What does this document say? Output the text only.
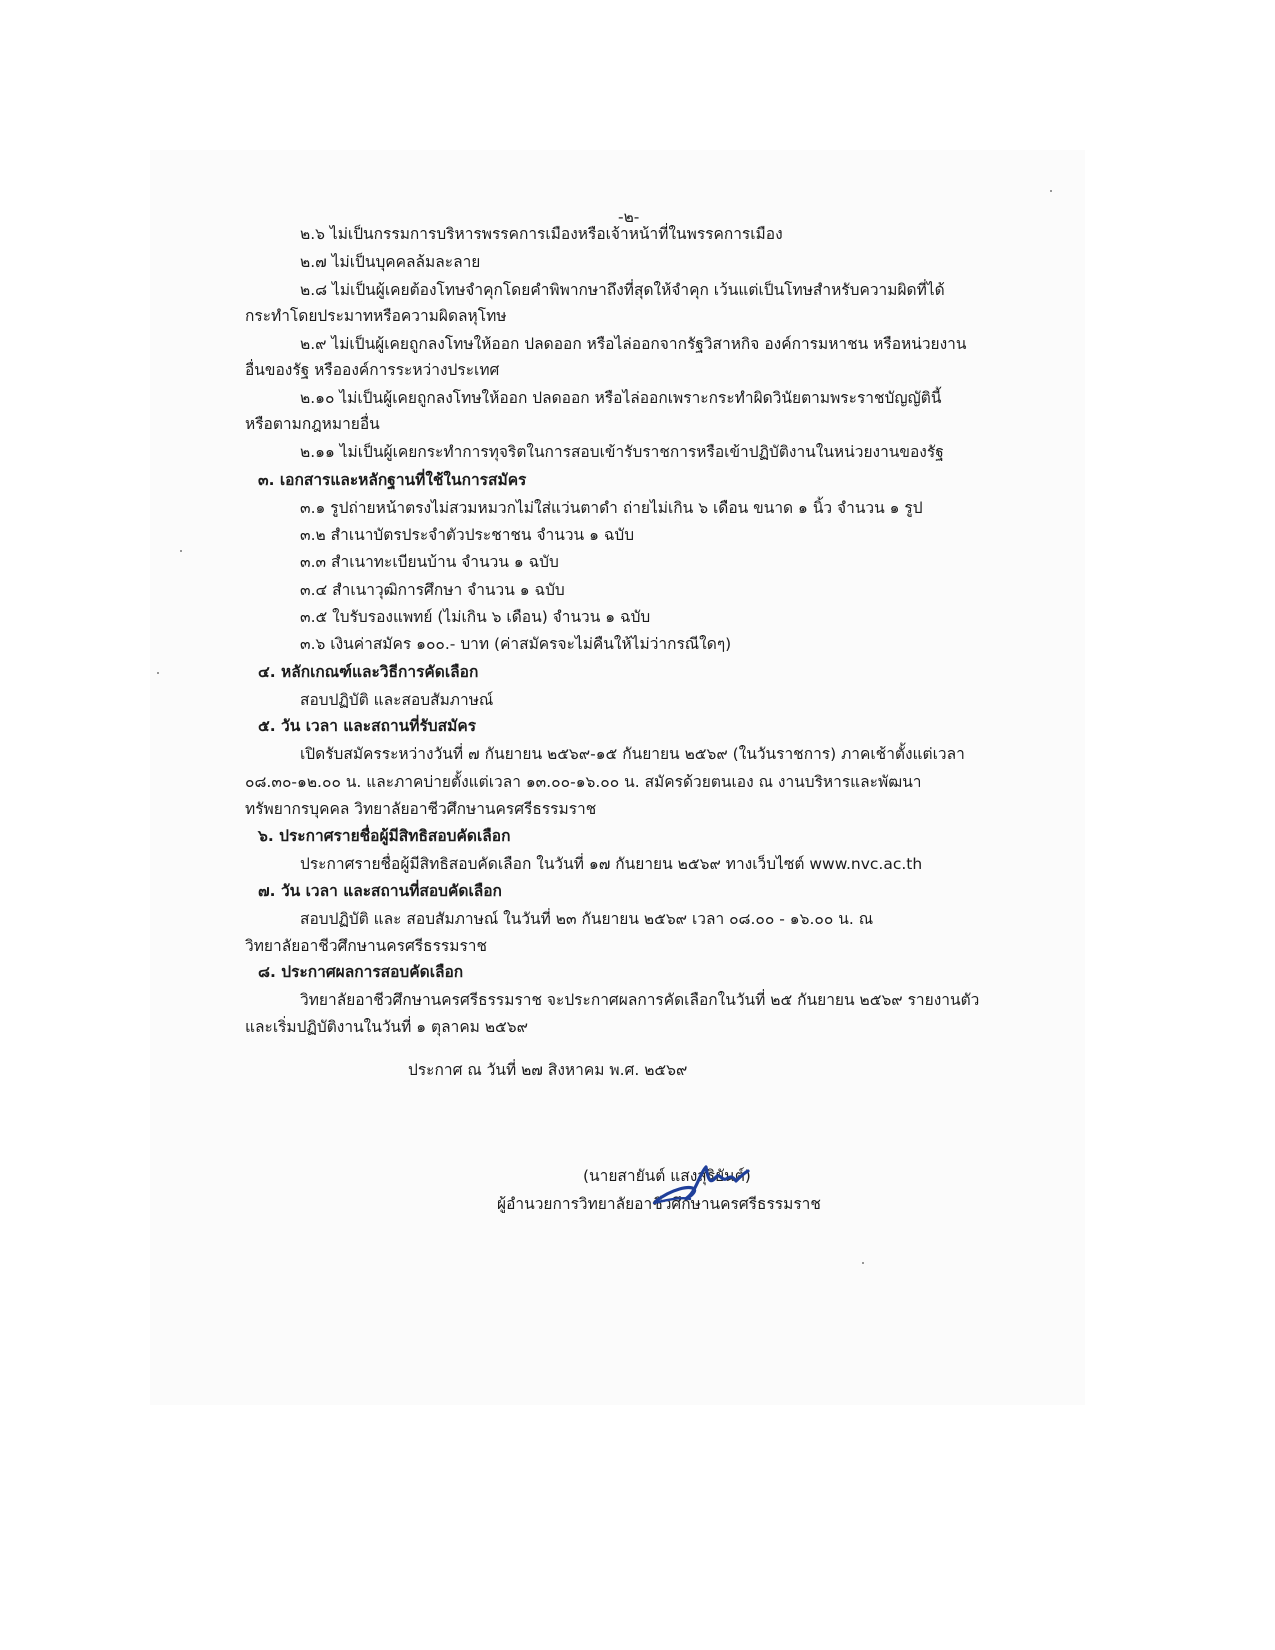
-๒-
๒.๖ ไม่เป็นกรรมการบริหารพรรคการเมืองหรือเจ้าหน้าที่ในพรรคการเมือง
๒.๗ ไม่เป็นบุคคลล้มละลาย
๒.๘ ไม่เป็นผู้เคยต้องโทษจำคุกโดยคำพิพากษาถึงที่สุดให้จำคุก เว้นแต่เป็นโทษสำหรับความผิดที่ได้
กระทำโดยประมาทหรือความผิดลหุโทษ
๒.๙ ไม่เป็นผู้เคยถูกลงโทษให้ออก ปลดออก หรือไล่ออกจากรัฐวิสาหกิจ องค์การมหาชน หรือหน่วยงาน
อื่นของรัฐ หรือองค์การระหว่างประเทศ
๒.๑๐ ไม่เป็นผู้เคยถูกลงโทษให้ออก ปลดออก หรือไล่ออกเพราะกระทำผิดวินัยตามพระราชบัญญัตินี้
หรือตามกฎหมายอื่น
๒.๑๑ ไม่เป็นผู้เคยกระทำการทุจริตในการสอบเข้ารับราชการหรือเข้าปฏิบัติงานในหน่วยงานของรัฐ
๓. เอกสารและหลักฐานที่ใช้ในการสมัคร
๓.๑ รูปถ่ายหน้าตรงไม่สวมหมวกไม่ใส่แว่นตาดำ ถ่ายไม่เกิน ๖ เดือน ขนาด ๑ นิ้ว จำนวน ๑ รูป
๓.๒ สำเนาบัตรประจำตัวประชาชน จำนวน ๑ ฉบับ
๓.๓ สำเนาทะเบียนบ้าน จำนวน ๑ ฉบับ
๓.๔ สำเนาวุฒิการศึกษา จำนวน ๑ ฉบับ
๓.๕ ใบรับรองแพทย์ (ไม่เกิน ๖ เดือน) จำนวน ๑ ฉบับ
๓.๖ เงินค่าสมัคร ๑๐๐.- บาท (ค่าสมัครจะไม่คืนให้ไม่ว่ากรณีใดๆ)
๔. หลักเกณฑ์และวิธีการคัดเลือก
สอบปฏิบัติ และสอบสัมภาษณ์
๕. วัน เวลา และสถานที่รับสมัคร
เปิดรับสมัครระหว่างวันที่ ๗ กันยายน ๒๕๖๙-๑๕ กันยายน ๒๕๖๙ (ในวันราชการ) ภาคเช้าตั้งแต่เวลา
๐๘.๓๐-๑๒.๐๐ น. และภาคบ่ายตั้งแต่เวลา ๑๓.๐๐-๑๖.๐๐ น. สมัครด้วยตนเอง ณ งานบริหารและพัฒนา
ทรัพยากรบุคคล วิทยาลัยอาชีวศึกษานครศรีธรรมราช
๖. ประกาศรายชื่อผู้มีสิทธิสอบคัดเลือก
ประกาศรายชื่อผู้มีสิทธิสอบคัดเลือก ในวันที่ ๑๗ กันยายน ๒๕๖๙ ทางเว็บไซต์ www.nvc.ac.th
๗. วัน เวลา และสถานที่สอบคัดเลือก
สอบปฏิบัติ และ สอบสัมภาษณ์ ในวันที่ ๒๓ กันยายน ๒๕๖๙ เวลา ๐๘.๐๐ - ๑๖.๐๐ น. ณ
วิทยาลัยอาชีวศึกษานครศรีธรรมราช
๘. ประกาศผลการสอบคัดเลือก
วิทยาลัยอาชีวศึกษานครศรีธรรมราช จะประกาศผลการคัดเลือกในวันที่ ๒๕ กันยายน ๒๕๖๙ รายงานตัว
และเริ่มปฏิบัติงานในวันที่ ๑ ตุลาคม ๒๕๖๙
ประกาศ ณ วันที่ ๒๗ สิงหาคม พ.ศ. ๒๕๖๙
(นายสายันต์ แสงสุริยันต์)
ผู้อำนวยการวิทยาลัยอาชีวศึกษานครศรีธรรมราช
